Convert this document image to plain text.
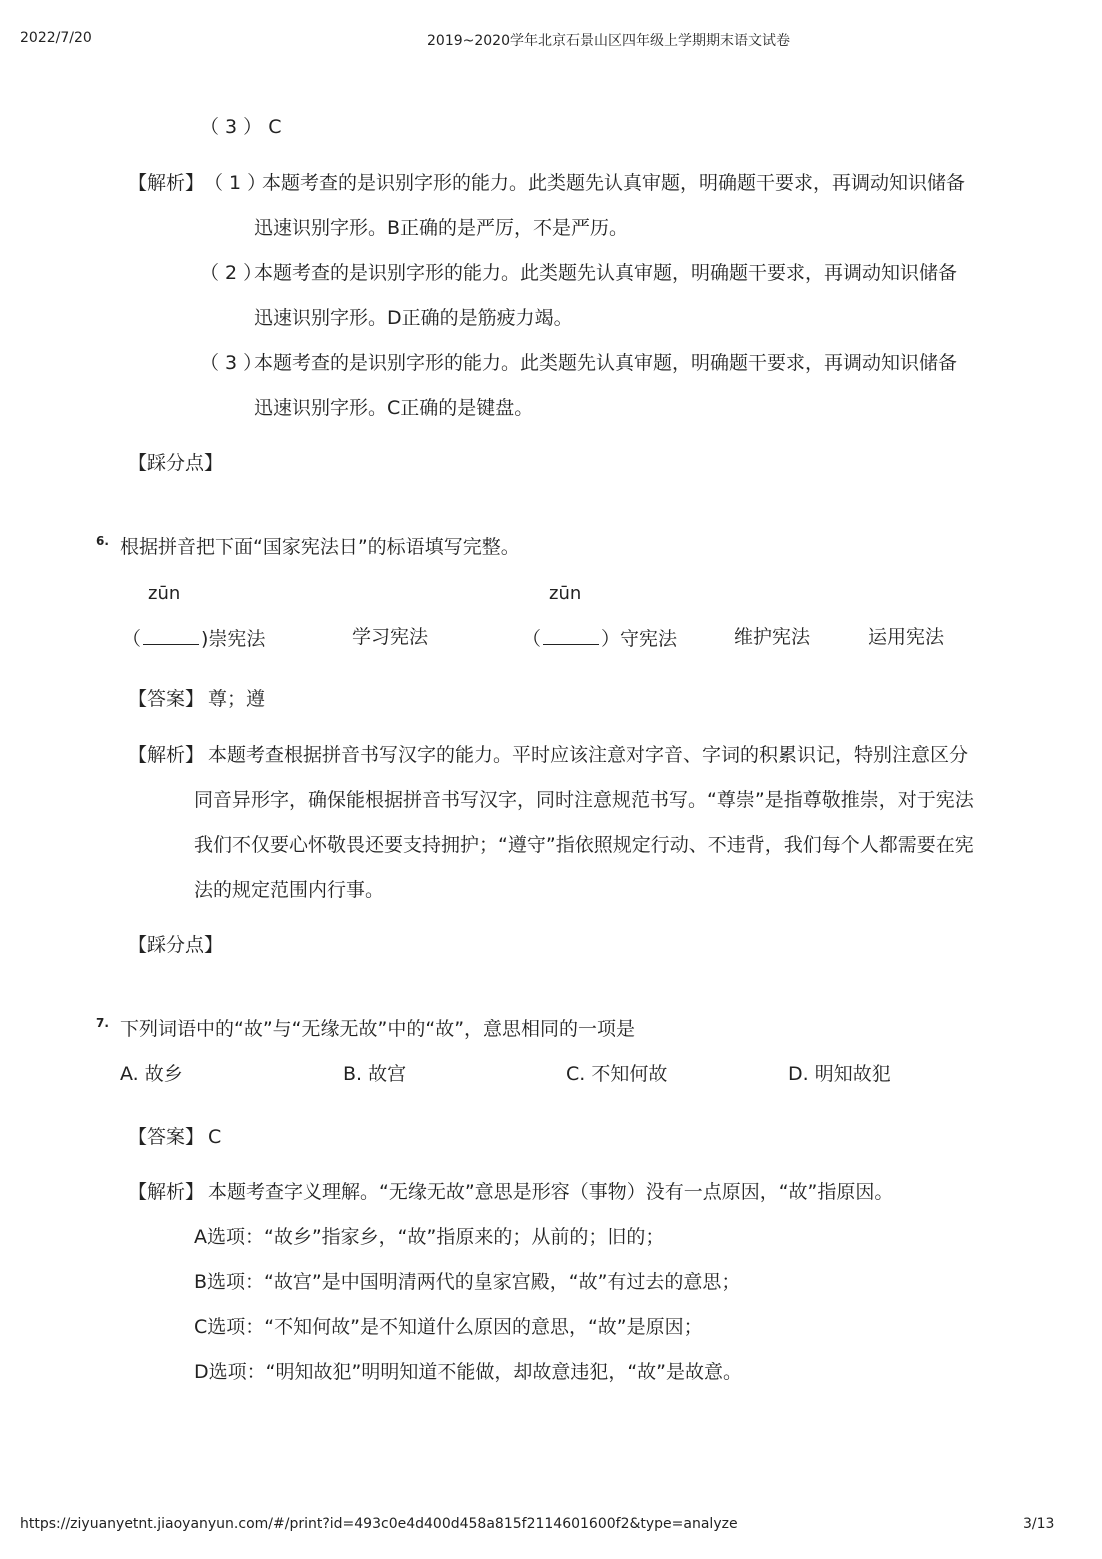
2022/7/20	2019~2020学年北京石景山区四年级上学期期末语文试卷
（ 3 ） C
【解析】 （ 1 ）
本题考查的是识别字形的能力。此类题先认真审题，明确题干要求，再调动知识储备
迅速识别字形。B正确的是严厉，不是严历。
（ 2 ）
本题考查的是识别字形的能力。此类题先认真审题，明确题干要求，再调动知识储备
迅速识别字形。D正确的是筋疲力竭。
（ 3 ）
本题考查的是识别字形的能力。此类题先认真审题，明确题干要求，再调动知识储备
迅速识别字形。C正确的是键盘。
【踩分点】
6. 根据拼音把下面“国家宪法日”的标语填写完整。
zūn	zūn
（	)崇宪法	学习宪法	（	）守宪法	维护宪法	运用宪法
【答案】 尊；遵
【解析】 本题考查根据拼音书写汉字的能力。平时应该注意对字音、字词的积累识记，特别注意区分
同音异形字，确保能根据拼音书写汉字，同时注意规范书写。“尊崇”是指尊敬推崇，对于宪法
我们不仅要心怀敬畏还要支持拥护；“遵守”指依照规定行动、不违背，我们每个人都需要在宪
法的规定范围内行事。
【踩分点】
7. 下列词语中的“故”与“无缘无故”中的“故”，意思相同的一项是
A. 故乡	B. 故宫	C. 不知何故	D. 明知故犯
【答案】 C
【解析】 本题考查字义理解。“无缘无故”意思是形容（事物）没有一点原因，“故”指原因。
A选项：“故乡”指家乡，“故”指原来的；从前的；旧的；
B选项：“故宫”是中国明清两代的皇家宫殿，“故”有过去的意思；
C选项：“不知何故”是不知道什么原因的意思，“故”是原因；
D选项：“明知故犯”明明知道不能做，却故意违犯，“故”是故意。
https://ziyuanyetnt.jiaoyanyun.com/#/print?id=493c0e4d400d458a815f2114601600f2&type=analyze	3/13
